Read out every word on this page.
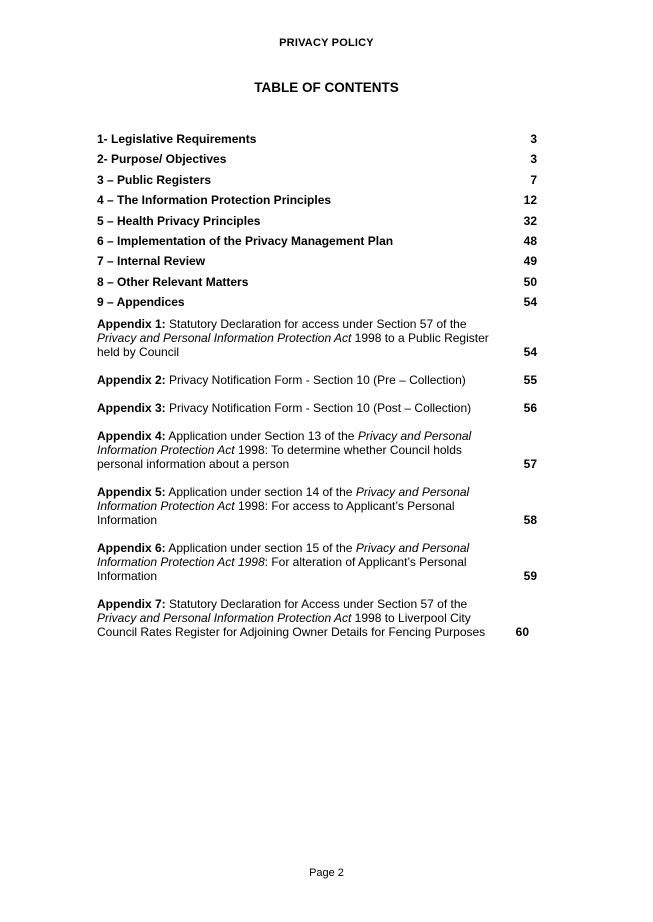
PRIVACY POLICY
TABLE OF CONTENTS
1- Legislative Requirements	3
2- Purpose/ Objectives	3
3 – Public Registers	7
4 – The Information Protection Principles	12
5 – Health Privacy Principles	32
6 – Implementation of the Privacy Management Plan	48
7 – Internal Review	49
8 – Other Relevant Matters	50
9 – Appendices	54
Appendix 1: Statutory Declaration for access under Section 57 of the Privacy and Personal Information Protection Act 1998 to a Public Register held by Council	54
Appendix 2: Privacy Notification Form - Section 10 (Pre – Collection)	55
Appendix 3: Privacy Notification Form - Section 10 (Post – Collection)	56
Appendix 4: Application under Section 13 of the Privacy and Personal Information Protection Act 1998: To determine whether Council holds personal information about a person	57
Appendix 5: Application under section 14 of the Privacy and Personal Information Protection Act 1998: For access to Applicant’s Personal Information	58
Appendix 6: Application under section 15 of the Privacy and Personal Information Protection Act 1998: For alteration of Applicant’s Personal Information	59
Appendix 7: Statutory Declaration for Access under Section 57 of the Privacy and Personal Information Protection Act 1998 to Liverpool City Council Rates Register for Adjoining Owner Details for Fencing Purposes	60
Page 2
